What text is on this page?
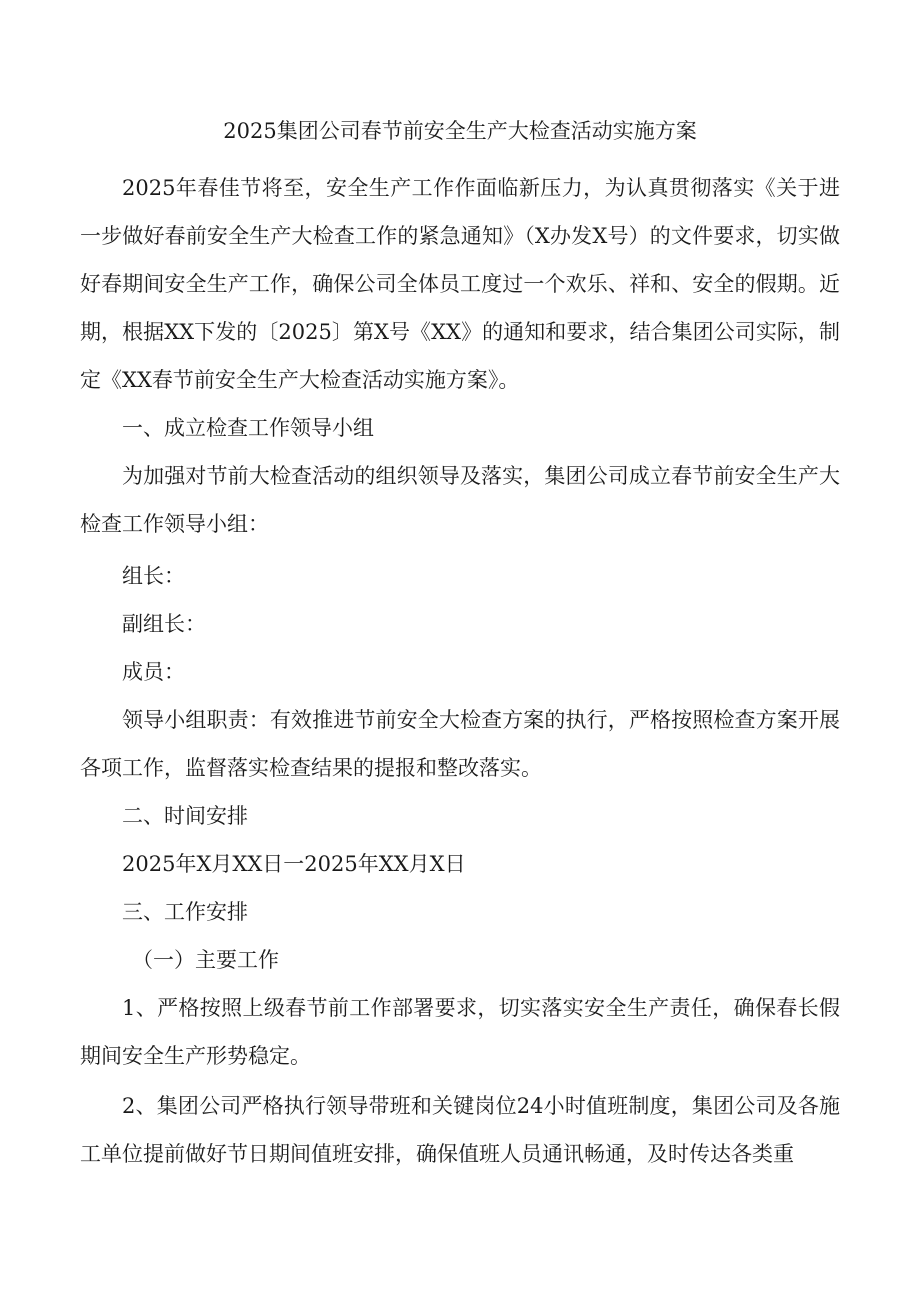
2025集团公司春节前安全生产大检查活动实施方案

2025年春佳节将至，安全生产工作作面临新压力，为认真贯彻落实《关于进一步做好春前安全生产大检查工作的紧急通知》（X办发X号）的文件要求，切实做好春期间安全生产工作，确保公司全体员工度过一个欢乐、祥和、安全的假期。近期，根据XX下发的〔2025〕第X号《XX》的通知和要求，结合集团公司实际，制定《XX春节前安全生产大检查活动实施方案》。

一、成立检查工作领导小组

为加强对节前大检查活动的组织领导及落实，集团公司成立春节前安全生产大检查工作领导小组：

组长：
副组长：
成员：

领导小组职责：有效推进节前安全大检查方案的执行，严格按照检查方案开展各项工作，监督落实检查结果的提报和整改落实。

二、时间安排
2025年X月XX日一2025年XX月X日
三、工作安排
（一）主要工作

1、严格按照上级春节前工作部署要求，切实落实安全生产责任，确保春长假期间安全生产形势稳定。

2、集团公司严格执行领导带班和关键岗位24小时值班制度，集团公司及各施工单位提前做好节日期间值班安排，确保值班人员通讯畅通，及时传达各类重
